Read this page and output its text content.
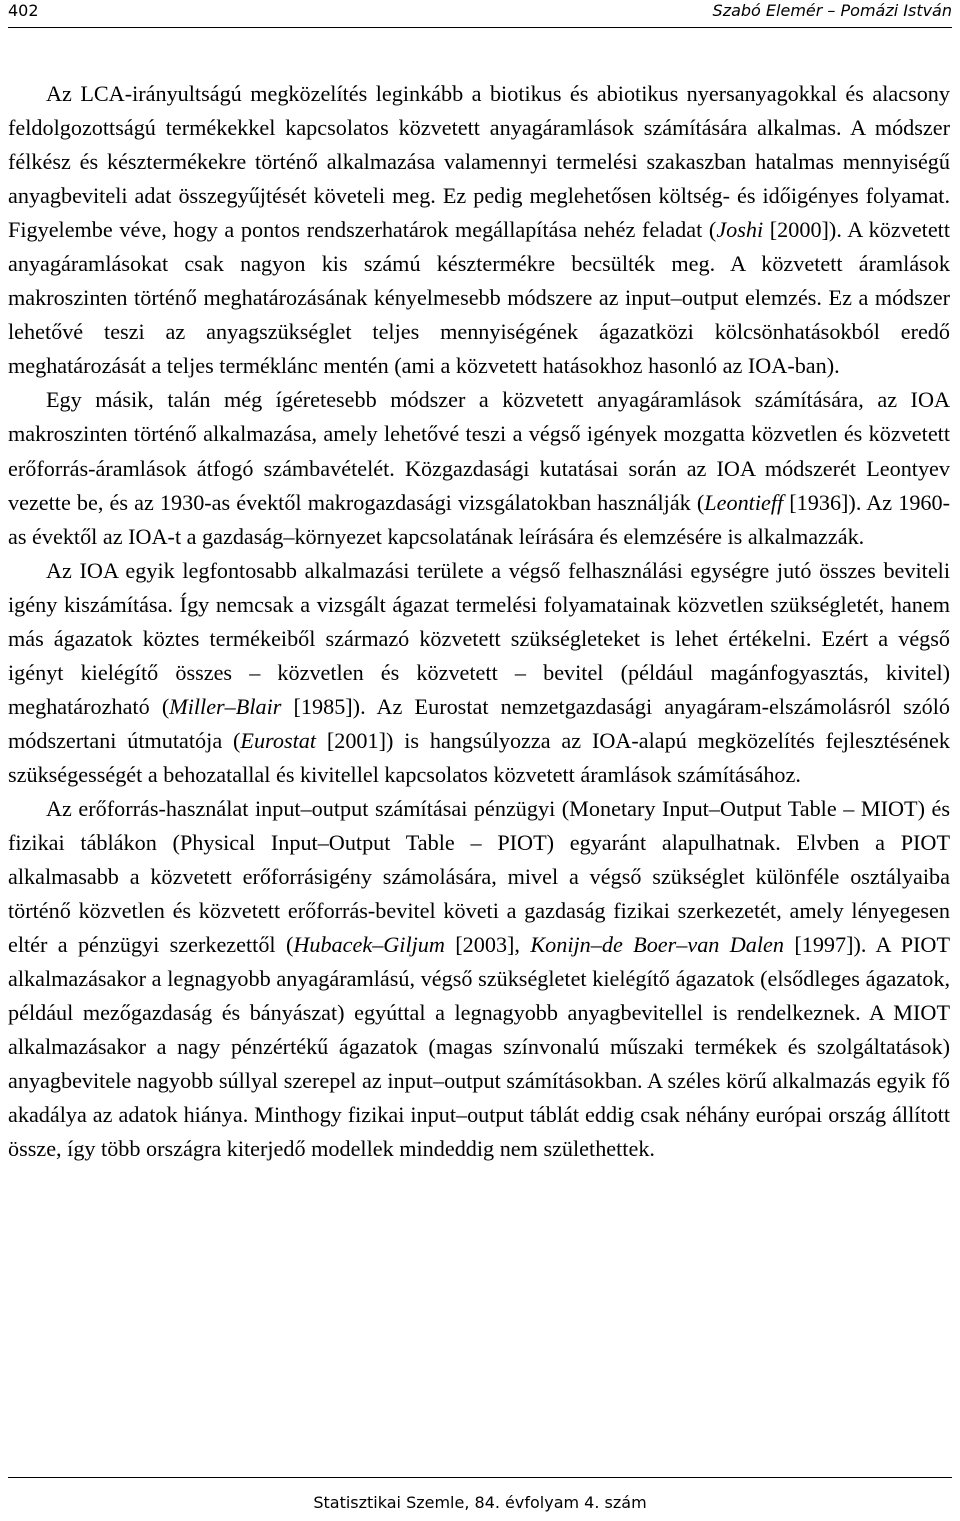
402	Szabó Elemér – Pomázi István

Az LCA-irányultságú megközelítés leginkább a biotikus és abiotikus nyersanyagokkal és alacsony feldolgozottságú termékekkel kapcsolatos közvetett anyagáramlások számítására alkalmas. A módszer félkész és késztermékekre történő alkalmazása valamennyi termelési szakaszban hatalmas mennyiségű anyagbeviteli adat összegyűjtését követeli meg. Ez pedig meglehetősen költség- és időigényes folyamat. Figyelembe véve, hogy a pontos rendszerhatárok megállapítása nehéz feladat (Joshi [2000]). A közvetett anyagáramlásokat csak nagyon kis számú késztermékre becsülték meg. A közvetett áramlások makroszinten történő meghatározásának kényelmesebb módszere az input–output elemzés. Ez a módszer lehetővé teszi az anyagszükséglet teljes mennyiségének ágazatközi kölcsönhatásokból eredő meghatározását a teljes terméklánc mentén (ami a közvetett hatásokhoz hasonló az IOA-ban).

Egy másik, talán még ígéretesebb módszer a közvetett anyagáramlások számítására, az IOA makroszinten történő alkalmazása, amely lehetővé teszi a végső igények mozgatta közvetlen és közvetett erőforrás-áramlások átfogó számbavételét. Közgazdasági kutatásai során az IOA módszerét Leontyev vezette be, és az 1930-as évektől makrogazdasági vizsgálatokban használják (Leontieff [1936]). Az 1960-as évektől az IOA-t a gazdaság–környezet kapcsolatának leírására és elemzésére is alkalmazzák.

Az IOA egyik legfontosabb alkalmazási területe a végső felhasználási egységre jutó összes beviteli igény kiszámítása. Így nemcsak a vizsgált ágazat termelési folyamatainak közvetlen szükségletét, hanem más ágazatok köztes termékeiből származó közvetett szükségleteket is lehet értékelni. Ezért a végső igényt kielégítő összes – közvetlen és közvetett – bevitel (például magánfogyasztás, kivitel) meghatározható (Miller–Blair [1985]). Az Eurostat nemzetgazdasági anyagáram-elszámolásról szóló módszertani útmutatója (Eurostat [2001]) is hangsúlyozza az IOA-alapú megközelítés fejlesztésének szükségességét a behozatallal és kivitellel kapcsolatos közvetett áramlások számításához.

Az erőforrás-használat input–output számításai pénzügyi (Monetary Input–Output Table – MIOT) és fizikai táblákon (Physical Input–Output Table – PIOT) egyaránt alapulhatnak. Elvben a PIOT alkalmasabb a közvetett erőforrásigény számolására, mivel a végső szükséglet különféle osztályaiba történő közvetlen és közvetett erőforrás-bevitel követi a gazdaság fizikai szerkezetét, amely lényegesen eltér a pénzügyi szerkezettől (Hubacek–Giljum [2003], Konijn–de Boer–van Dalen [1997]). A PIOT alkalmazásakor a legnagyobb anyagáramlású, végső szükségletet kielégítő ágazatok (elsődleges ágazatok, például mezőgazdaság és bányászat) egyúttal a legnagyobb anyagbevitellel is rendelkeznek. A MIOT alkalmazásakor a nagy pénzértékű ágazatok (magas színvonalú műszaki termékek és szolgáltatások) anyagbevitele nagyobb súllyal szerepel az input–output számításokban. A széles körű alkalmazás egyik fő akadálya az adatok hiánya. Minthogy fizikai input–output táblát eddig csak néhány európai ország állított össze, így több országra kiterjedő modellek mindeddig nem születhettek.

Statisztikai Szemle, 84. évfolyam 4. szám
